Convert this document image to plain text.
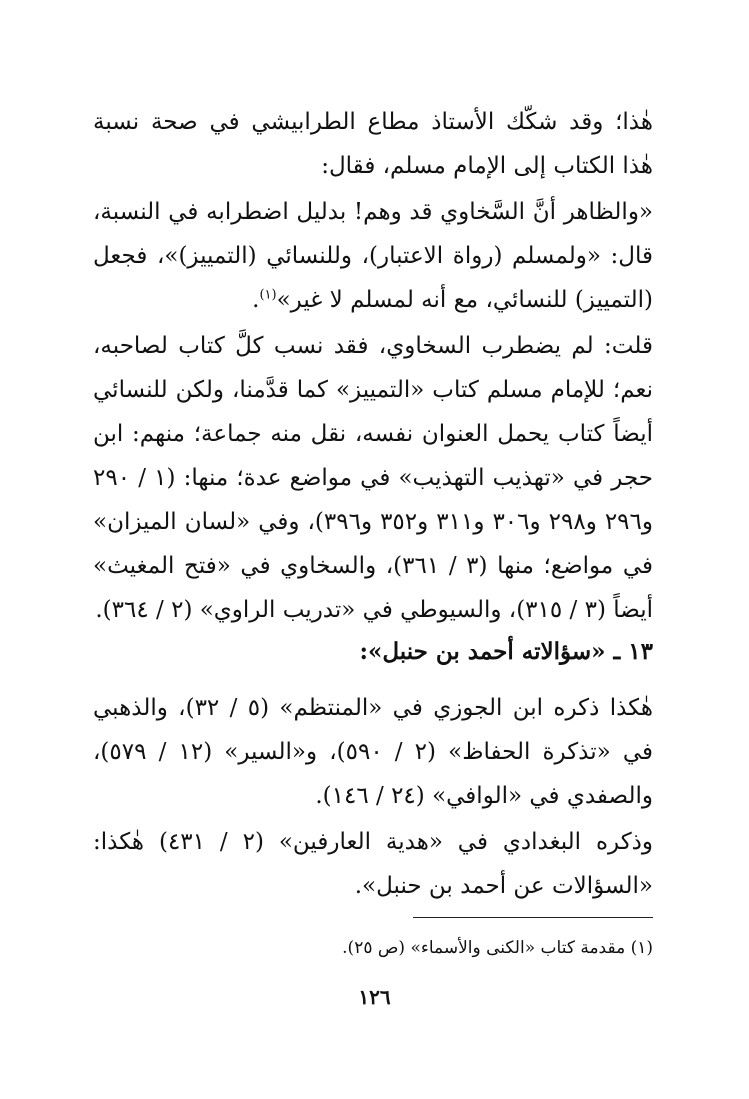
هٰذا؛ وقد شكّك الأستاذ مطاع الطرابيشي في صحة نسبة هٰذا الكتاب إلى الإمام مسلم، فقال:

«والظاهر أنَّ السَّخاوي قد وهم! بدليل اضطرابه في النسبة، قال: «ولمسلم (رواة الاعتبار)، وللنسائي (التمييز)»، فجعل (التمييز) للنسائي، مع أنه لمسلم لا غير»$^{(١)}$.

قلت: لم يضطرب السخاوي، فقد نسب كلَّ كتاب لصاحبه، نعم؛ للإمام مسلم كتاب «التمييز» كما قدَّمنا، ولكن للنسائي أيضاً كتاب يحمل العنوان نفسه، نقل منه جماعة؛ منهم: ابن حجر في «تهذيب التهذيب» في مواضع عدة؛ منها: (١ / ٢٩٠ و٢٩٦ و٢٩٨ و٣٠٦ و٣١١ و٣٥٢ و٣٩٦)، وفي «لسان الميزان» في مواضع؛ منها (٣ / ٣٦١)، والسخاوي في «فتح المغيث» أيضاً (٣ / ٣١٥)، والسيوطي في «تدريب الراوي» (٢ / ٣٦٤).

١٣ ـ «سؤالاته أحمد بن حنبل»:

هٰكذا ذكره ابن الجوزي في «المنتظم» (٥ / ٣٢)، والذهبي في «تذكرة الحفاظ» (٢ / ٥٩٠)، و«السير» (١٢ / ٥٧٩)، والصفدي في «الوافي» (٢٤ / ١٤٦).

وذكره البغدادي في «هدية العارفين» (٢ / ٤٣١) هٰكذا: «السؤالات عن أحمد بن حنبل».

(١) مقدمة كتاب «الكنى والأسماء» (ص ٢٥).

١٢٦
